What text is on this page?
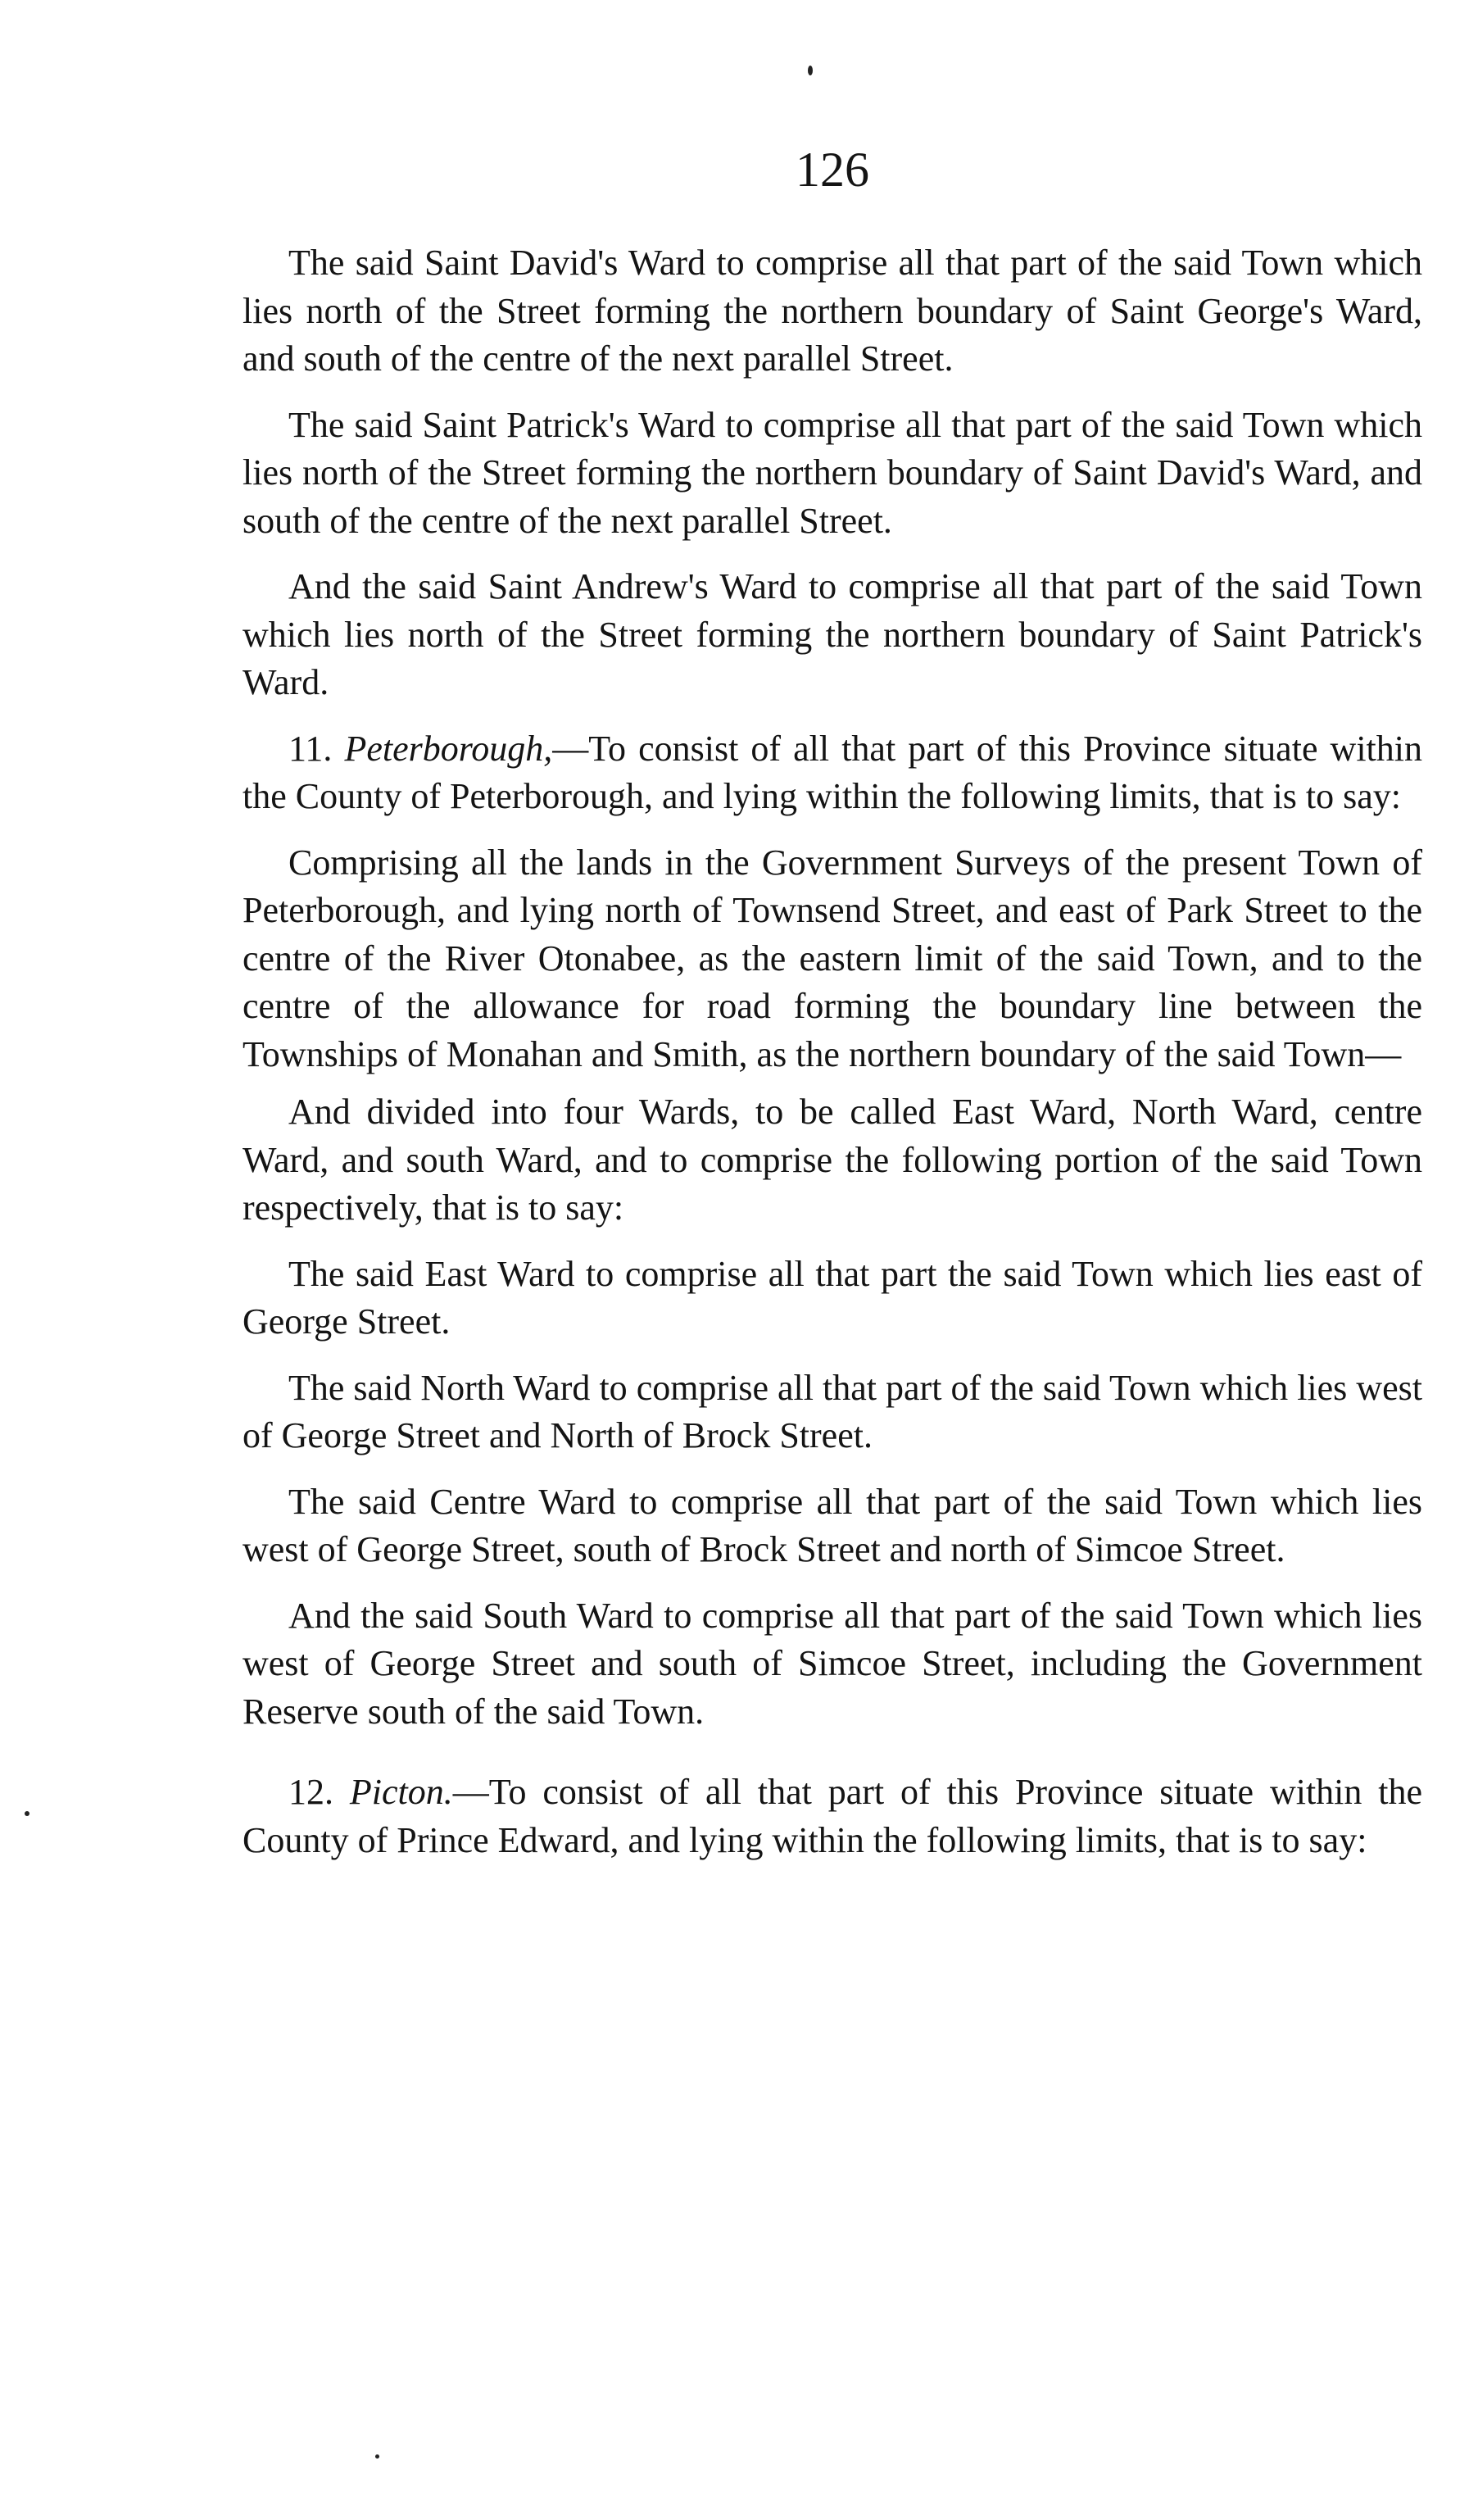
126

The said Saint David's Ward to comprise all that part of the said Town which lies north of the Street forming the northern boundary of Saint George's Ward, and south of the centre of the next parallel Street.

The said Saint Patrick's Ward to comprise all that part of the said Town which lies north of the Street forming the northern boundary of Saint David's Ward, and south of the centre of the next parallel Street.

And the said Saint Andrew's Ward to comprise all that part of the said Town which lies north of the Street forming the northern boundary of Saint Patrick's Ward.

11. Peterborough,—To consist of all that part of this Province situate within the County of Peterborough, and lying within the following limits, that is to say:

Comprising all the lands in the Government Surveys of the present Town of Peterborough, and lying north of Townsend Street, and east of Park Street to the centre of the River Otonabee, as the eastern limit of the said Town, and to the centre of the allowance for road forming the boundary line between the Townships of Monahan and Smith, as the northern boundary of the said Town—

And divided into four Wards, to be called East Ward, North Ward, centre Ward, and south Ward, and to comprise the following portion of the said Town respectively, that is to say:

The said East Ward to comprise all that part the said Town which lies east of George Street.

The said North Ward to comprise all that part of the said Town which lies west of George Street and North of Brock Street.

The said Centre Ward to comprise all that part of the said Town which lies west of George Street, south of Brock Street and north of Simcoe Street.

And the said South Ward to comprise all that part of the said Town which lies west of George Street and south of Simcoe Street, including the Government Reserve south of the said Town.

12. Picton.—To consist of all that part of this Province situate within the County of Prince Edward, and lying within the following limits, that is to say:
